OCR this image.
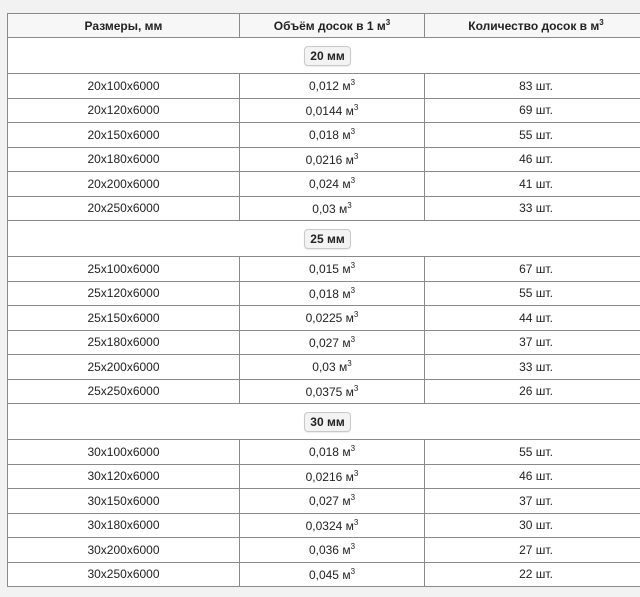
Размеры, мм	Объём досок в 1 $м^3$	Количество досок в $м^3$
20 мм		
20x100x6000	0,012 $м^3$	83 шт.
20x120x6000	0,0144 $м^3$	69 шт.
20x150x6000	0,018 $м^3$	55 шт.
20x180x6000	0,0216 $м^3$	46 шт.
20x200x6000	0,024 $м^3$	41 шт.
20x250x6000	0,03 $м^3$	33 шт.
25 мм		
25x100x6000	0,015 $м^3$	67 шт.
25x120x6000	0,018 $м^3$	55 шт.
25x150x6000	0,0225 $м^3$	44 шт.
25x180x6000	0,027 $м^3$	37 шт.
25x200x6000	0,03 $м^3$	33 шт.
25x250x6000	0,0375 $м^3$	26 шт.
30 мм		
30x100x6000	0,018 $м^3$	55 шт.
30x120x6000	0,0216 $м^3$	46 шт.
30x150x6000	0,027 $м^3$	37 шт.
30x180x6000	0,0324 $м^3$	30 шт.
30x200x6000	0,036 $м^3$	27 шт.
30x250x6000	0,045 $м^3$	22 шт.
